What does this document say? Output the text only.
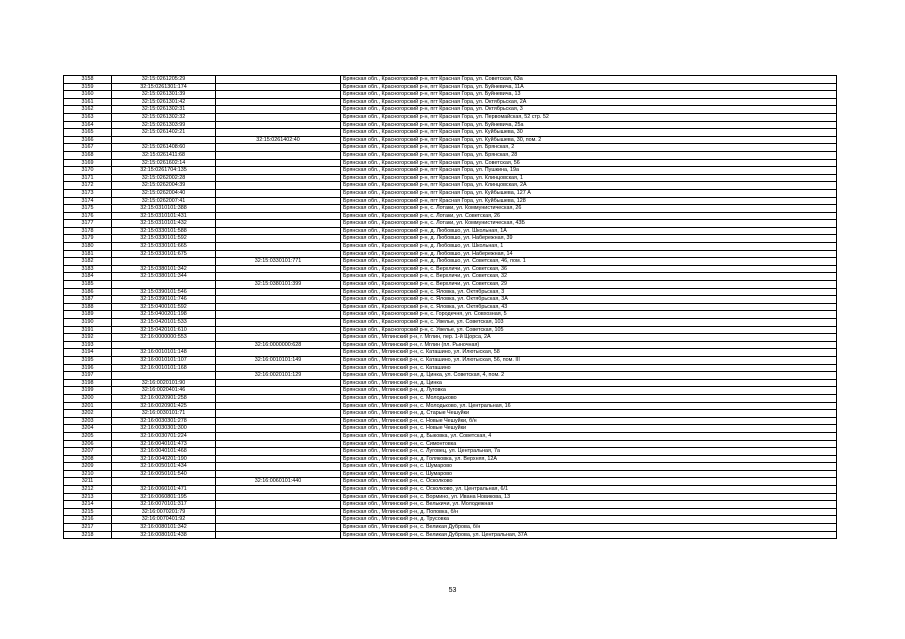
3158	32:15:0261205:29		Брянская обл., Красногорский р-н, пгт Красная Гора, ул. Советская, 63а
3159	32:15:0261301:174		Брянская обл., Красногорский р-н, пгт Красная Гора, ул. Буйневича, 11А
3160	32:15:0261301:39		Брянская обл., Красногорский р-н, пгт Красная Гора, ул. Буйневича, 13
3161	32:15:0261301:42		Брянская обл., Красногорский р-н, пгт Красная Гора, ул. Октябрьская, 2А
3162	32:15:0261302:31		Брянская обл., Красногорский р-н, пгт Красная Гора, ул. Октябрьская, 3
3163	32:15:0261302:32		Брянская обл., Красногорский р-н, пгт Красная Гора, ул. Первомайская, 52 стр. 52
3164	32:15:0261303:99		Брянская обл., Красногорский р-н, пгт Красная Гора, ул. Буйневича, 25а
3165	32:15:0261402:21		Брянская обл., Красногорский р-н, пгт Красная Гора, ул. Куйбышева, 30
3166		32:15:0261402:40	Брянская обл., Красногорский р-н, пгт Красная Гора, ул. Куйбышева, 30, пом. 2
3167	32:15:0261408:60		Брянская обл., Красногорский р-н, пгт Красная Гора, ул. Брянская, 2
3168	32:15:0261411:68		Брянская обл., Красногорский р-н, пгт Красная Гора, ул. Брянская, 28
3169	32:15:0261602:14		Брянская обл., Красногорский р-н, пгт Красная Гора, ул. Советская, 56
3170	32:15:0261704:135		Брянская обл., Красногорский р-н, пгт Красная Гора, ул. Пушкина, 19а
3171	32:15:0262002:28		Брянская обл., Красногорский р-н, пгт Красная Гора, ул. Клинцовская, 1
3172	32:15:0262004:39		Брянская обл., Красногорский р-н, пгт Красная Гора, ул. Клинцовская, 2А
3173	32:15:0262004:40		Брянская обл., Красногорский р-н, пгт Красная Гора, ул. Куйбышева, 127 А
3174	32:15:0262007:41		Брянская обл., Красногорский р-н, пгт Красная Гора, ул. Куйбышева, 128
3175	32:15:0310101:388		Брянская обл., Красногорский р-н, с. Лотаки, ул. Коммунистическая, 26
3176	32:15:0310101:431		Брянская обл., Красногорский р-н, с. Лотаки, ул. Советская, 26
3177	32:15:0310101:432		Брянская обл., Красногорский р-н, с. Лотаки, ул. Коммунистическая, 43Б
3178	32:15:0330101:588		Брянская обл., Красногорский р-н, д. Любовшо, ул. Школьная, 1А
3179	32:15:0330101:592		Брянская обл., Красногорский р-н, д. Любовшо, ул. Набережная, 39
3180	32:15:0330101:665		Брянская обл., Красногорский р-н, д. Любовшо, ул. Школьная, 1
3181	32:15:0330101:675		Брянская обл., Красногорский р-н, д. Любовшо, ул. Набережная, 14
3182		32:15:0330101:771	Брянская обл., Красногорский р-н, д. Любовшо, ул. Советская, 46, пом. 1
3183	32:15:0380101:342		Брянская обл., Красногорский р-н, с. Верхличи, ул. Советская, 36
3184	32:15:0380101:344		Брянская обл., Красногорский р-н, с. Верхличи, ул. Советская, 32
3185		32:15:0380101:399	Брянская обл., Красногорский р-н, с. Верхличи, ул. Советская, 29
3186	32:15:0390101:546		Брянская обл., Красногорский р-н, с. Яловка, ул. Октябрьская, 3
3187	32:15:0390101:746		Брянская обл., Красногорский р-н, с. Яловка, ул. Октябрьская, 3А
3188	32:15:0400101:592		Брянская обл., Красногорский р-н, с. Яловка, ул. Октябрьская, 43
3189	32:15:0400201:198		Брянская обл., Красногорский р-н, с. Городечня, ул. Совхозная, 5
3190	32:15:0420101:533		Брянская обл., Красногорский р-н, с. Увелье, ул. Советская, 103
3191	32:15:0420101:610		Брянская обл., Красногорский р-н, с. Увелье, ул. Советская, 105
3192	32:16:0000000:553		Брянская обл., Мглинский р-н, г. Мглин, пер. 1-й Щорса, 2А
3193		32:16:0000000:628	Брянская обл., Мглинский р-н, г. Мглин (пл. Рыночная)
3194	32:16:0010101:148		Брянская обл., Мглинский р-н, с. Каташино, ул. Илютыская, 58
3195	32:16:0010101:107	32:16:0010101:149	Брянская обл., Мглинский р-н, с. Каташино, ул. Илютыская, 56, пом. III
3196	32:16:0010101:168		Брянская обл., Мглинский р-н, с. Каташино
3197		32:16:0020101:129	Брянская обл., Мглинский р-н, д. Цинка, ул. Советская, 4, пом. 2
3198	32:16:0020101:90		Брянская обл., Мглинский р-н, д. Цинка
3199	32:16:0020401:46		Брянская обл., Мглинский р-н, д. Луговка
3200	32:16:0020901:258		Брянская обл., Мглинский р-н, с. Молодьково
3201	32:16:0020901:425		Брянская обл., Мглинский р-н, с. Молодьково, ул. Центральная, 16
3202	32:16:0030101:71		Брянская обл., Мглинский р-н, д. Старые Чешуйки
3203	32:16:0030301:278		Брянская обл., Мглинский р-н, с. Новые Чешуйки, б/н
3204	32:16:0030301:300		Брянская обл., Мглинский р-н, с. Новые Чешуйки
3205	32:16:0030701:224		Брянская обл., Мглинский р-н, д. Быковка, ул. Советская, 4
3206	32:16:0040101:473		Брянская обл., Мглинский р-н, с. Симонтовка
3207	32:16:0040101:468		Брянская обл., Мглинский р-н, с. Луговец, ул. Центральная, 7а
3208	32:16:0040201:190		Брянская обл., Мглинский р-н, д. Голяковка, ул. Верхняя, 12А
3209	32:16:0050101:434		Брянская обл., Мглинский р-н, с. Шумарово
3210	32:16:0050101:540		Брянская обл., Мглинский р-н, с. Шумарово
3211		32:16:0060101:440	Брянская обл., Мглинский р-н, с. Осколково
3212	32:16:0060101:471		Брянская обл., Мглинский р-н, с. Осколково, ул. Центральная, 6/1
3213	32:16:0060801:195		Брянская обл., Мглинский р-н, с. Вормино, ул. Ивана Новикова, 13
3214	32:16:0070101:317		Брянская обл., Мглинский р-н, с. Велькичи, ул. Молодежная
3215	32:16:0070201:79		Брянская обл., Мглинский р-н, д. Поповка, б/н
3216	32:16:0070401:92		Брянская обл., Мглинский р-н, д. Трусовка
3217	32:16:0080101:342		Брянская обл., Мглинский р-н, с. Великая Дуброва, б/н
3218	32:16:0080101:438		Брянская обл., Мглинский р-н, с. Великая Дуброва, ул. Центральная, 37А
53
